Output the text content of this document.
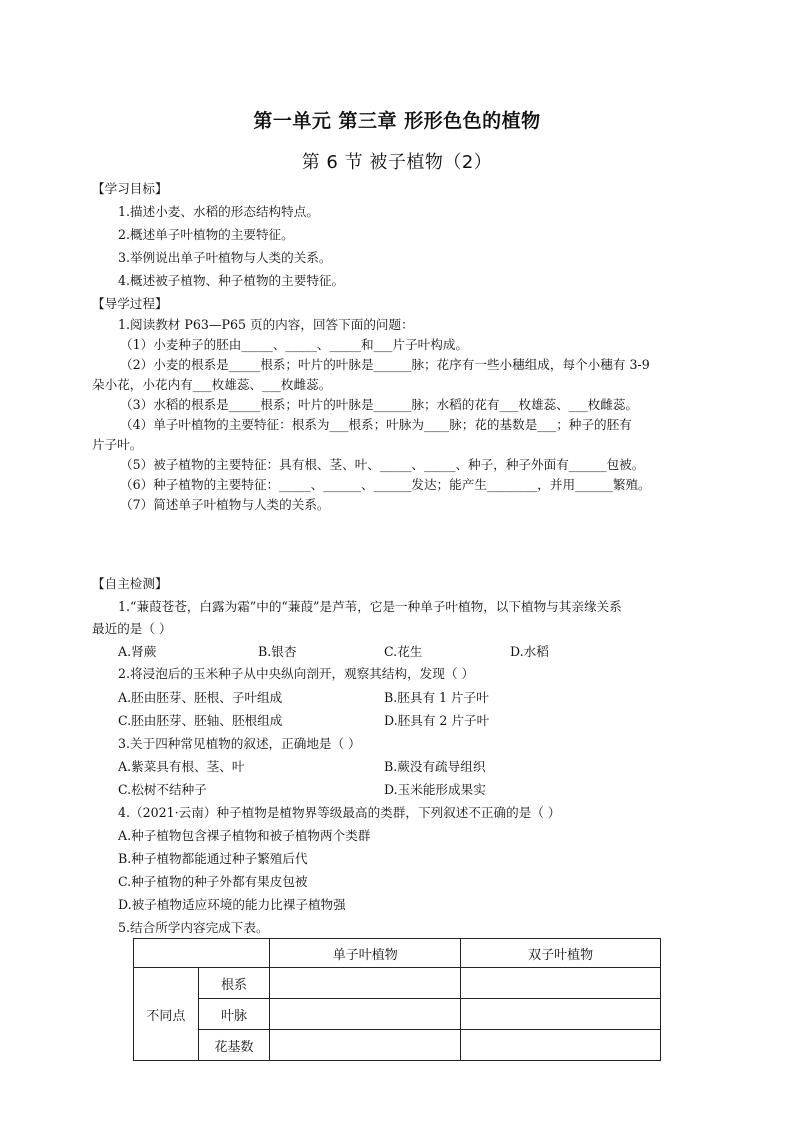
第一单元 第三章 形形色色的植物
第 6 节 被子植物（2）
【学习目标】
1.描述小麦、水稻的形态结构特点。
2.概述单子叶植物的主要特征。
3.举例说出单子叶植物与人类的关系。
4.概述被子植物、种子植物的主要特征。
【导学过程】
1.阅读教材 P63—P65 页的内容，回答下面的问题：
（1）小麦种子的胚由_____、_____、_____和___片子叶构成。
（2）小麦的根系是_____根系；叶片的叶脉是______脉；花序有一些小穗组成，每个小穗有 3-9
朵小花，小花内有___枚雄蕊、___枚雌蕊。
（3）水稻的根系是_____根系；叶片的叶脉是______脉；水稻的花有___枚雄蕊、___枚雌蕊。
（4）单子叶植物的主要特征：根系为___根系；叶脉为____脉；花的基数是___；种子的胚有
片子叶。
（5）被子植物的主要特征：具有根、茎、叶、_____、_____、种子，种子外面有______包被。
（6）种子植物的主要特征：_____、______、______发达；能产生________，并用______繁殖。
（7）简述单子叶植物与人类的关系。
【自主检测】
1.“蒹葭苍苍，白露为霜”中的“蒹葭”是芦苇，它是一种单子叶植物，以下植物与其亲缘关系
最近的是（ ）
A.肾蕨	B.银杏	C.花生	D.水稻
2.将浸泡后的玉米种子从中央纵向剖开，观察其结构，发现（ ）
A.胚由胚芽、胚根、子叶组成	B.胚具有 1 片子叶
C.胚由胚芽、胚轴、胚根组成	D.胚具有 2 片子叶
3.关于四种常见植物的叙述，正确地是（ ）
A.紫菜具有根、茎、叶	B.蕨没有疏导组织
C.松树不结种子	D.玉米能形成果实
4.（2021·云南）种子植物是植物界等级最高的类群，下列叙述不正确的是（ ）
A.种子植物包含裸子植物和被子植物两个类群
B.种子植物都能通过种子繁殖后代
C.种子植物的种子外都有果皮包被
D.被子植物适应环境的能力比裸子植物强
5.结合所学内容完成下表。
		单子叶植物	双子叶植物
不同点	根系		
	叶脉		
	花基数		
